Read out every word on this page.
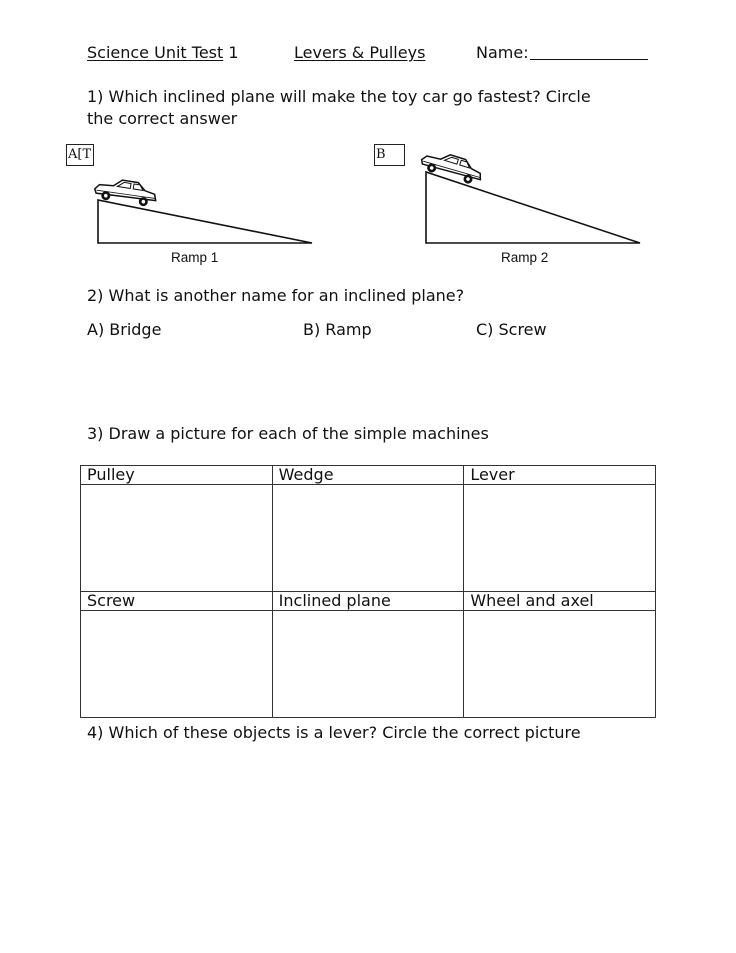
Science Unit Test 1	Levers & Pulleys	Name:
1) Which inclined plane will make the toy car go fastest? Circle
the correct answer
A[T	B
Ramp 1	Ramp 2
2) What is another name for an inclined plane?
A) Bridge	B) Ramp	C) Screw
3) Draw a picture for each of the simple machines
Pulley	Wedge	Lever

Screw	Inclined plane	Wheel and axel

4) Which of these objects is a lever? Circle the correct picture
